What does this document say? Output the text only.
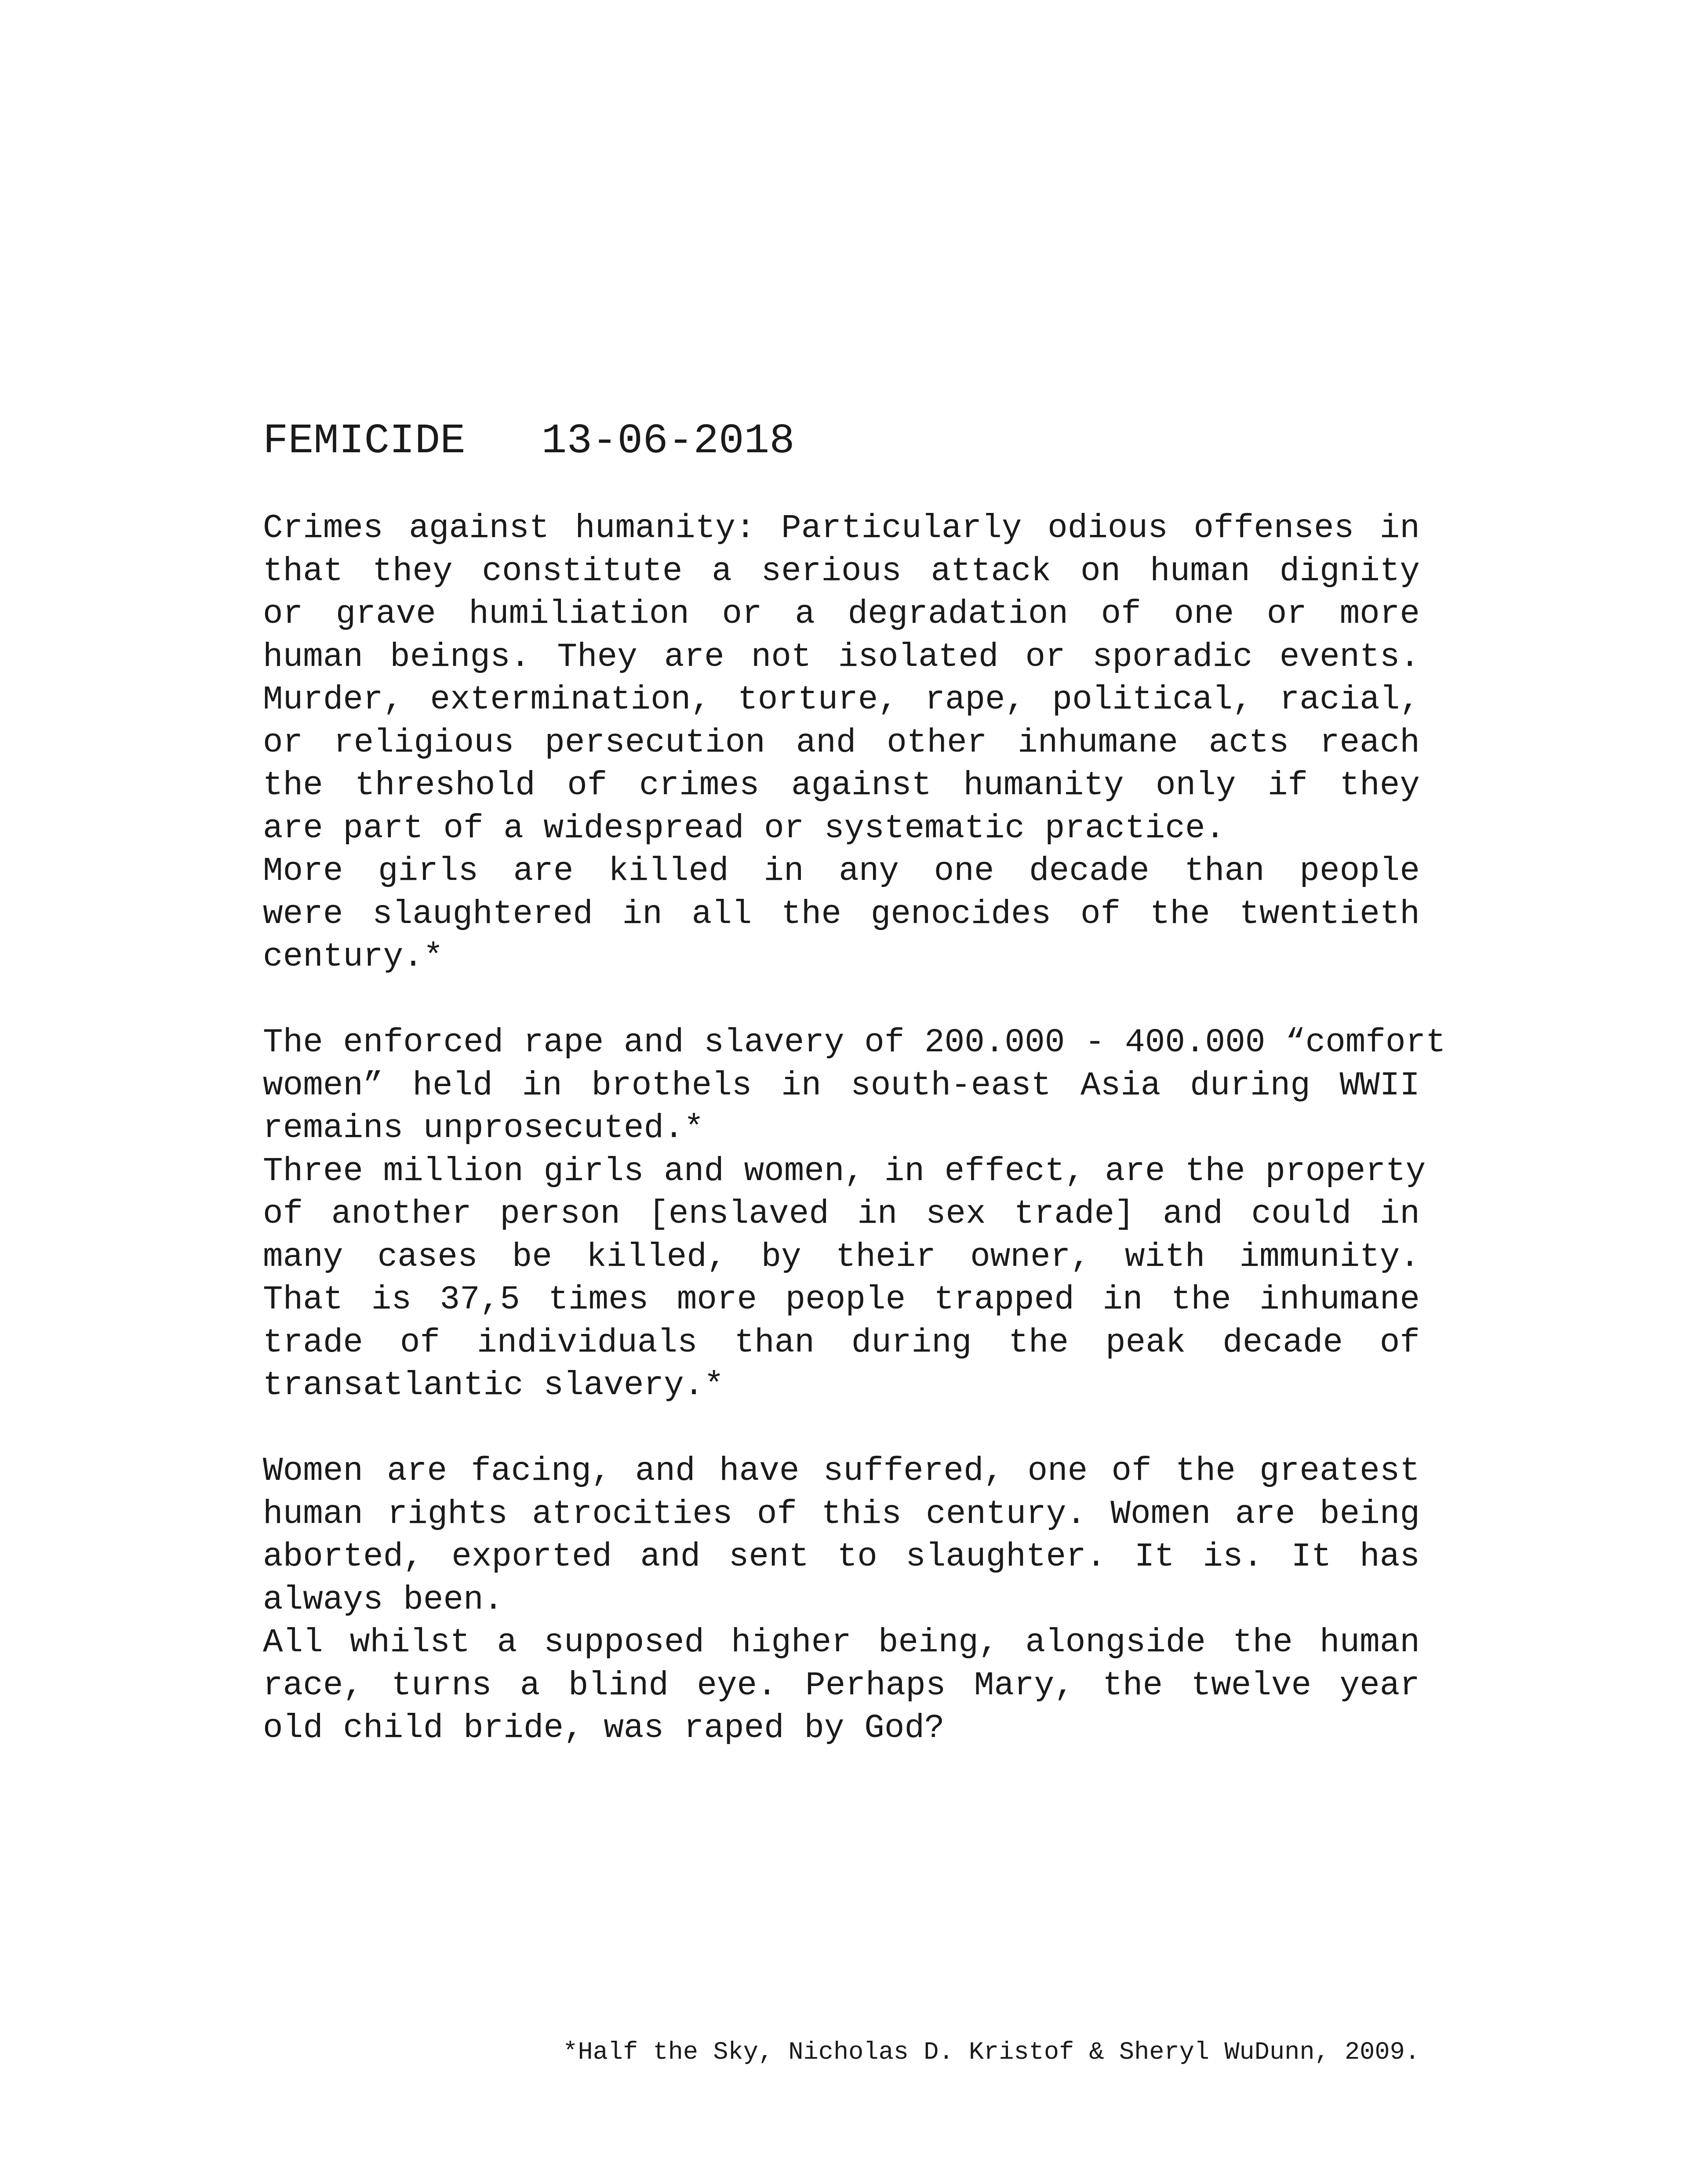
FEMICIDE   13-06-2018
Crimes against humanity: Particularly odious offenses in
that they constitute a serious attack on human dignity
or grave humiliation or a degradation of one or more
human beings. They are not isolated or sporadic events.
Murder, extermination, torture, rape, political, racial,
or religious persecution and other inhumane acts reach
the threshold of crimes against humanity only if they
are part of a widespread or systematic practice.
More girls are killed in any one decade than people
were slaughtered in all the genocides of the twentieth
century.*
The enforced rape and slavery of 200.000 - 400.000 “comfort
women” held in brothels in south-east Asia during WWII
remains unprosecuted.*
Three million girls and women, in effect, are the property
of another person [enslaved in sex trade] and could in
many cases be killed, by their owner, with immunity.
That is 37,5 times more people trapped in the inhumane
trade of individuals than during the peak decade of
transatlantic slavery.*
Women are facing, and have suffered, one of the greatest
human rights atrocities of this century. Women are being
aborted, exported and sent to slaughter. It is. It has
always been.
All whilst a supposed higher being, alongside the human
race, turns a blind eye. Perhaps Mary, the twelve year
old child bride, was raped by God?
*Half the Sky, Nicholas D. Kristof & Sheryl WuDunn, 2009.
